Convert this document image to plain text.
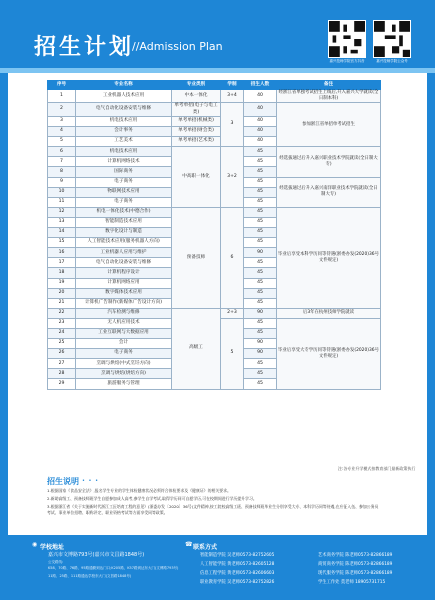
招生计划
//Admission Plan
嘉兴技师学院官方抖音	嘉兴技师学院公众号
序号	专业名称	专业类别	学制	招生人数	备注
1	工业机器人技术应用	中本一体化	3+4	40	经浙江省单独考试招生上线后,升入嘉兴大学就读(全日制本科)
2	电气自动化设备安装与维修	单考单招(电子与电工类)	3	40	参加浙江省单招单考试招生
3	机电技术应用	单考单招(机械类)		40	
4	会计事务	单考单招(财会类)		40	
5	工艺美术	单考单招(艺术类)		40	
6	机电技术应用	中高职一体化	3+2	45	经选拔通过后升入嘉兴职业技术学院就读(全日制大专)
7	计算机网络技术			45	
8	国际商务			45	
9	电子商务			45	经选拔通过后升入嘉兴南洋职业技术学院就读(全日制大专)
10	物联网技术应用			45	
11	电子商务			45	
12	机电一体化技术(中德合作)	预备技师	6	45	毕业后享受本科学历同等待遇(浙委办发(2020)36号文件规定)
13	智能制造技术应用			45	
14	数字化设计与制造			45	
15	人工智能技术应用(服务机器人方向)			45	
16	工业机器人应用与维护			90	
17	电气自动化设备安装与维修			45	
18	计算机程序设计			45	
19	计算机网络应用			45	
20	数字媒体技术应用			45	
21	计算机广告制作(新媒体广告设计方向)			45	
22	汽车检测与维修	高级工	2+3	90	后3年在杭州技师学院就读
23	无人机应用技术		5	45	毕业后享受大专学历同等待遇(浙委办发(2020)36号文件规定)
24	工业互联网与大数据应用			45	
25	会计			90	
26	电子商务			90	
27	烹调与烘焙(中式烹饪方向)			45	
28	烹调与烘焙(烘焙方向)			45	
29	旅游服务与管理			45	
注:各专业升学模式按教育部门最新政策执行
招生说明 • • •
1.根据国家《食品安全法》,报名学生专业的学生体检健康状况必须符合体检要求及《健康证》的相关要求。
2.新助高级工、预备技师班学生自愿参加成人高考,参学生自学考试,取得学历同可自愿学历,可在校期间进行学历提升学习。
3.根据浙江省《关于实施新时代浙江工匠培育工程的意见》(浙委办发〔2020〕36号)文件精神,按工院校高级工班、预备技师班毕业生分别享受大专、本科学历同等待遇,在应征入伍、参加公务员考试、事业单位招聘、职称评定、职业资格考试等方面享受同等政策。
◉ 学校地址
嘉兴市文博路793号(嘉兴市文昌路1848号)
公交路线:
K58、70路、76路、95路通勤到达门口;K205路、K57路到达东大门(文博路793号)
11路、25路、111路通达学校东大门(文昌路1848号)
☎ 联系方式
智能制造学院 吴老师0573-82752605
人工智能学院 黄老师0573-82605128
信息工程学院 黄老师0573-82606603
职业教育学院 吴老师0573-82752826
艺术商务学院 陈老师0573-82866189
商贸商务学院 陈老师0573-82866189
现代服务学院 陈老师0573-82866189
学生工作处 莫老师 18905731715
